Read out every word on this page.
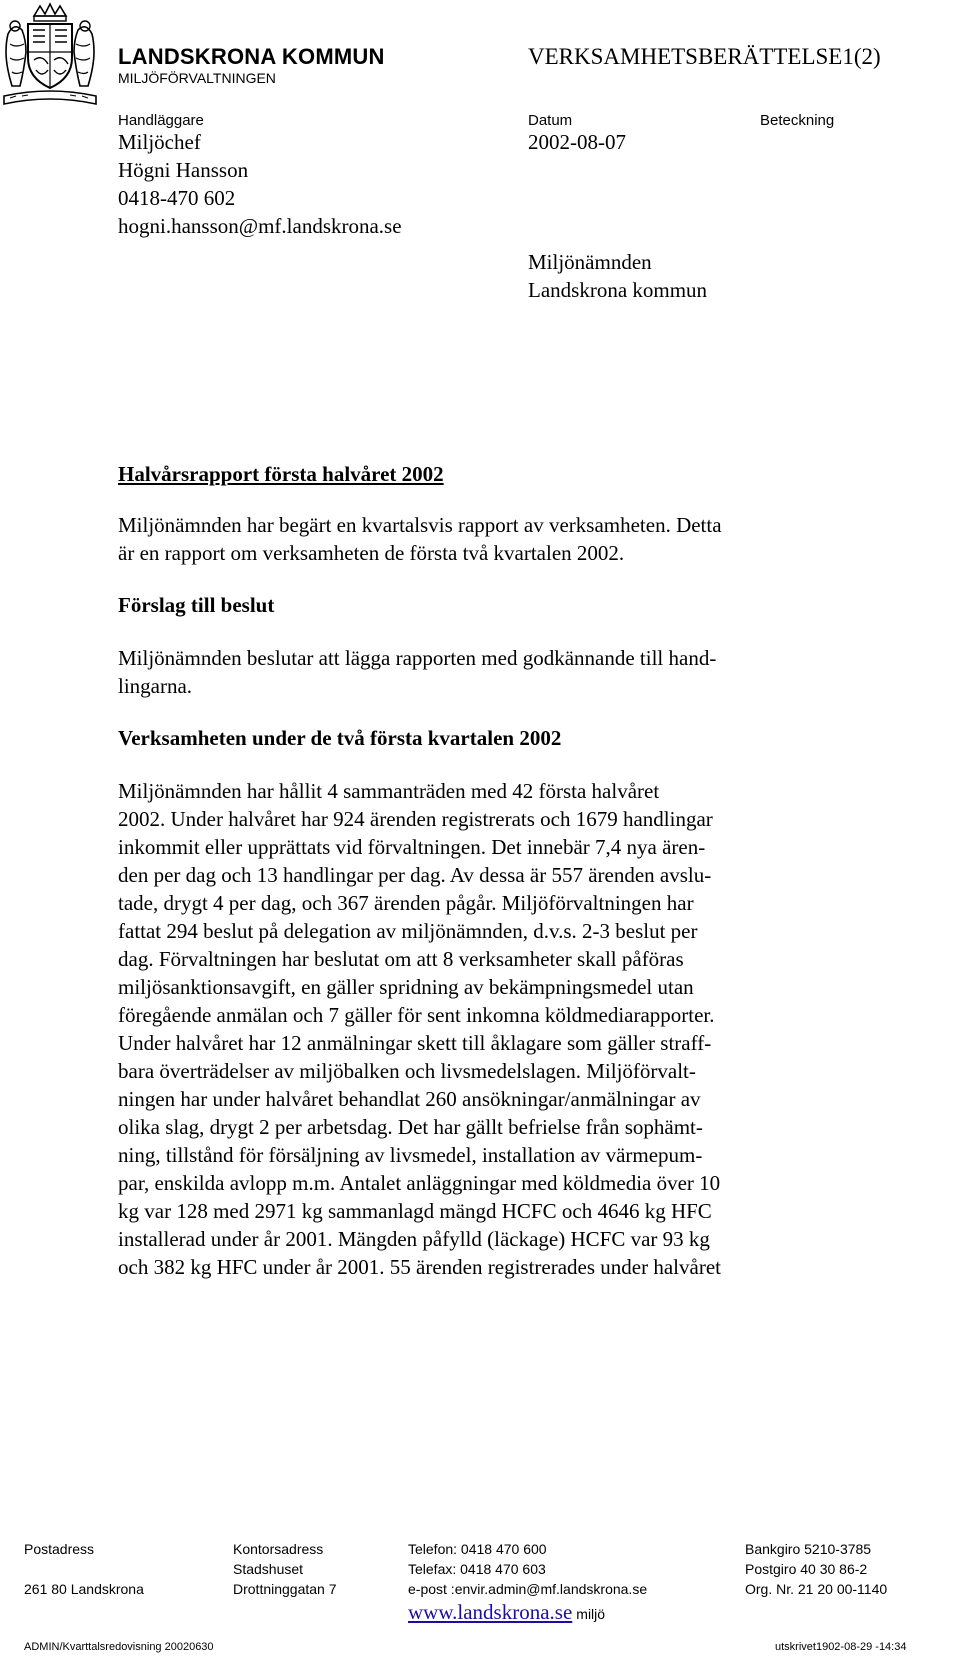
LANDSKRONA KOMMUN
MILJÖFÖRVALTNINGEN
VERKSAMHETSBERÄTTELSE1(2)
Handläggare
Miljöchef
Högni Hansson
0418-470 602
hogni.hansson@mf.landskrona.se
Datum
2002-08-07
Beteckning
Miljönämnden
Landskrona kommun
Halvårsrapport första halvåret 2002
Miljönämnden har begärt en kvartalsvis rapport av verksamheten. Detta
är en rapport om verksamheten de första två kvartalen 2002.
Förslag till beslut
Miljönämnden beslutar att lägga rapporten med godkännande till hand-
lingarna.
Verksamheten under de två första kvartalen 2002
Miljönämnden har hållit 4 sammanträden med 42 första halvåret
2002. Under halvåret har 924 ärenden registrerats och 1679 handlingar
inkommit eller upprättats vid förvaltningen. Det innebär 7,4 nya ären-
den per dag och 13 handlingar per dag. Av dessa är 557 ärenden avslu-
tade, drygt 4 per dag, och 367 ärenden pågår. Miljöförvaltningen har
fattat 294 beslut på delegation av miljönämnden, d.v.s. 2-3 beslut per
dag. Förvaltningen har beslutat om att 8 verksamheter skall påföras
miljösanktionsavgift, en gäller spridning av bekämpningsmedel utan
föregående anmälan och 7 gäller för sent inkomna köldmediarapporter.
Under halvåret har 12 anmälningar skett till åklagare som gäller straff-
bara överträdelser av miljöbalken och livsmedelslagen. Miljöförvalt-
ningen har under halvåret behandlat 260 ansökningar/anmälningar av
olika slag, drygt 2 per arbetsdag. Det har gällt befrielse från sophämt-
ning, tillstånd för försäljning av livsmedel, installation av värmepum-
par, enskilda avlopp m.m. Antalet anläggningar med köldmedia över 10
kg var 128 med 2971 kg sammanlagd mängd HCFC och 4646 kg HFC
installerad under år 2001. Mängden påfylld (läckage) HCFC var 93 kg
och 382 kg HFC under år 2001. 55 ärenden registrerades under halvåret
Postadress
261 80 Landskrona
Kontorsadress
Stadshuset
Drottninggatan 7
Telefon: 0418 470 600
Telefax: 0418 470 603
e-post :envir.admin@mf.landskrona.se
Bankgiro 5210-3785
Postgiro 40 30 86-2
Org. Nr. 21 20 00-1140
www.landskrona.se miljö
ADMIN/Kvarttalsredovisning 20020630	utskrivet1902-08-29 -14:34
